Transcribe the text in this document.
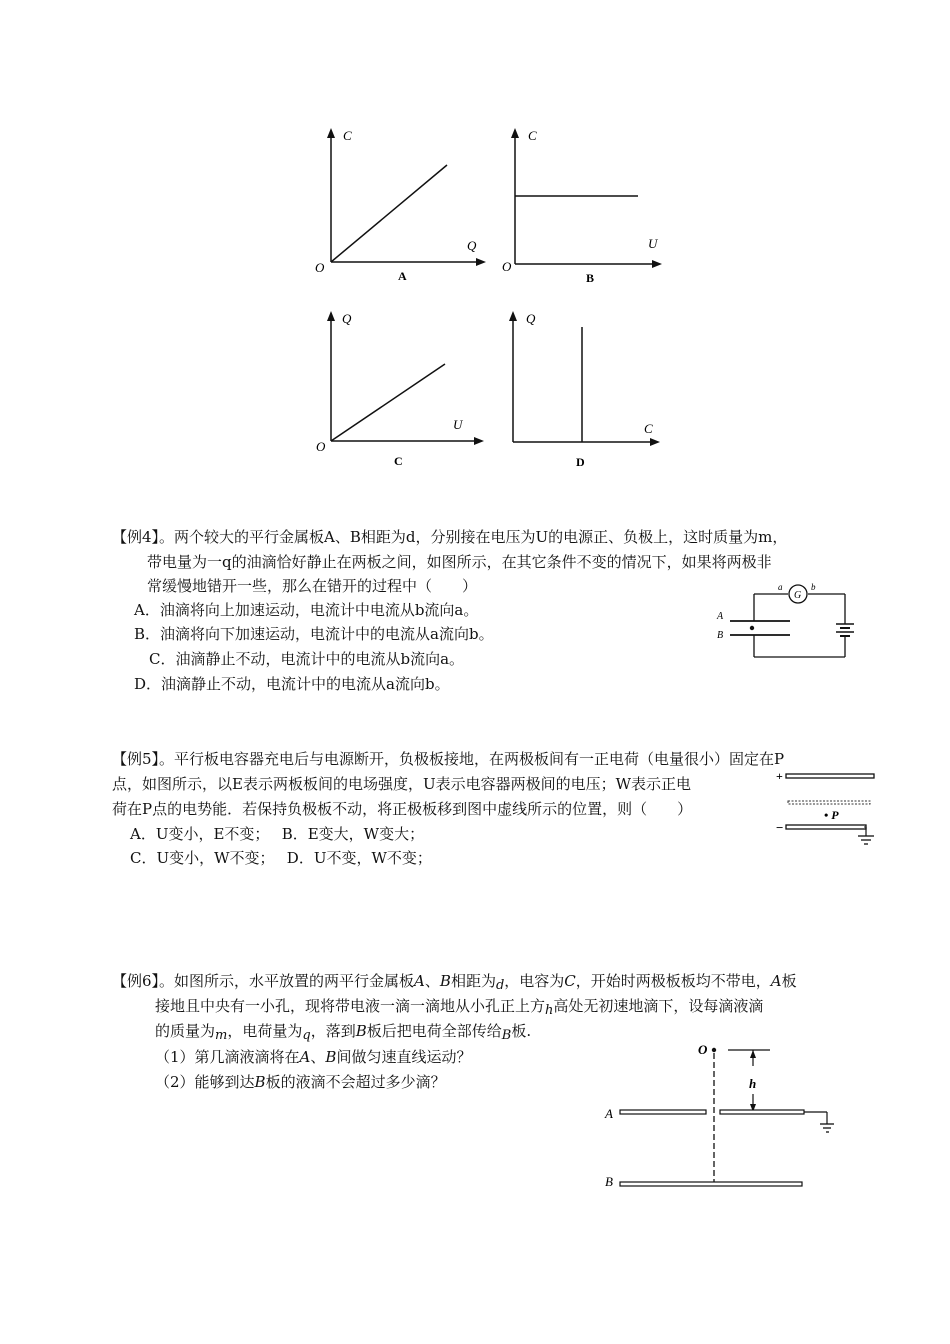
C
Q
O
A
C
U
O
B
Q
U
O
C
Q
C
D
【例4】。两个较大的平行金属板A、B相距为d，分别接在电压为U的电源正、负极上，这时质量为m，
带电量为一q的油滴恰好静止在两板之间，如图所示，在其它条件不变的情况下，如果将两极非
常缓慢地错开一些，那么在错开的过程中（　　）
A．油滴将向上加速运动，电流计中电流从b流向a。
B．油滴将向下加速运动，电流计中的电流从a流向b。
C．油滴静止不动，电流计中的电流从b流向a。
D．油滴静止不动，电流计中的电流从a流向b。
G
a	b
A
B
【例5】。平行板电容器充电后与电源断开，负极板接地，在两极板间有一正电荷（电量很小）固定在P
点，如图所示，以E表示两板板间的电场强度，U表示电容器两极间的电压；W表示正电
荷在P点的电势能．若保持负极板不动，将正极板移到图中虚线所示的位置，则（　　）
A．U变小，E不变；　 B．E变大，W变大；
C．U变小，W不变；　 D．U不变，W不变；
+
• P
−
【例6】。如图所示，水平放置的两平行金属板A、B相距为d，电容为C，开始时两极板板均不带电，A板
接地且中央有一小孔，现将带电液一滴一滴地从小孔正上方h高处无初速地滴下，设每滴液滴
的质量为m，电荷量为q，落到B板后把电荷全部传给B板.
（1）第几滴液滴将在A、B间做匀速直线运动？
（2）能够到达B板的液滴不会超过多少滴？
O
h
A
B
